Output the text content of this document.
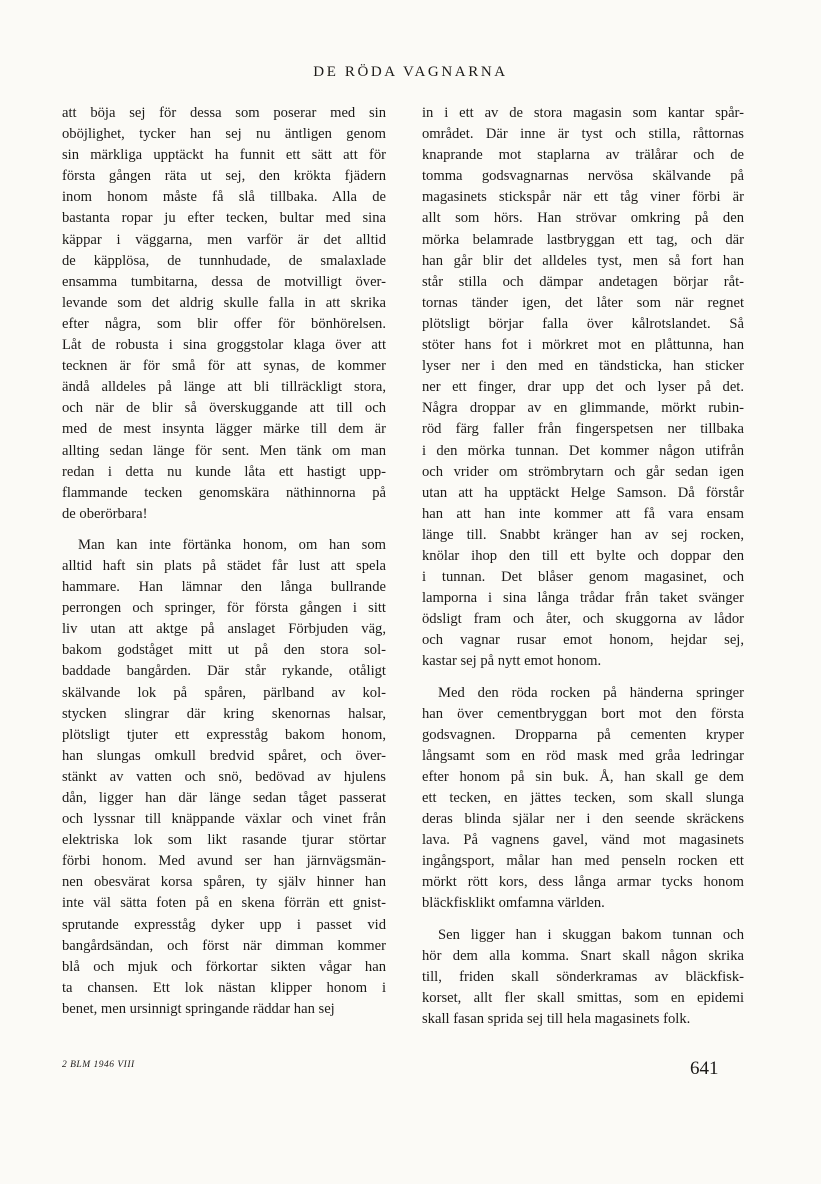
DE RÖDA VAGNARNA
att böja sej för dessa som poserar med sin
oböjlighet, tycker han sej nu äntligen genom
sin märkliga upptäckt ha funnit ett sätt att för
första gången räta ut sej, den krökta fjädern
inom honom måste få slå tillbaka. Alla de
bastanta ropar ju efter tecken, bultar med sina
käppar i väggarna, men varför är det alltid
de käpplösa, de tunnhudade, de smalaxlade
ensamma tumbitarna, dessa de motvilligt över-
levande som det aldrig skulle falla in att skrika
efter några, som blir offer för bönhörelsen.
Låt de robusta i sina groggstolar klaga över att
tecknen är för små för att synas, de kommer
ändå alldeles på länge att bli tillräckligt stora,
och när de blir så överskuggande att till och
med de mest insynta lägger märke till dem är
allting sedan länge för sent. Men tänk om man
redan i detta nu kunde låta ett hastigt upp-
flammande tecken genomskära näthinnorna på
de oberörbara!
Man kan inte förtänka honom, om han som
alltid haft sin plats på städet får lust att spela
hammare. Han lämnar den långa bullrande
perrongen och springer, för första gången i sitt
liv utan att aktge på anslaget Förbjuden väg,
bakom godståget mitt ut på den stora sol-
baddade bangården. Där står rykande, otåligt
skälvande lok på spåren, pärlband av kol-
stycken slingrar där kring skenornas halsar,
plötsligt tjuter ett expresståg bakom honom,
han slungas omkull bredvid spåret, och över-
stänkt av vatten och snö, bedövad av hjulens
dån, ligger han där länge sedan tåget passerat
och lyssnar till knäppande växlar och vinet från
elektriska lok som likt rasande tjurar störtar
förbi honom. Med avund ser han järnvägsmän-
nen obesvärat korsa spåren, ty själv hinner han
inte väl sätta foten på en skena förrän ett gnist-
sprutande expresståg dyker upp i passet vid
bangårdsändan, och först när dimman kommer
blå och mjuk och förkortar sikten vågar han
ta chansen. Ett lok nästan klipper honom i
benet, men ursinnigt springande räddar han sej
in i ett av de stora magasin som kantar spår-
området. Där inne är tyst och stilla, råttornas
knaprande mot staplarna av trälårar och de
tomma godsvagnarnas nervösa skälvande på
magasinets stickspår när ett tåg viner förbi är
allt som hörs. Han strövar omkring på den
mörka belamrade lastbryggan ett tag, och där
han går blir det alldeles tyst, men så fort han
står stilla och dämpar andetagen börjar råt-
tornas tänder igen, det låter som när regnet
plötsligt börjar falla över kålrotslandet. Så
stöter hans fot i mörkret mot en plåttunna, han
lyser ner i den med en tändsticka, han sticker
ner ett finger, drar upp det och lyser på det.
Några droppar av en glimmande, mörkt rubin-
röd färg faller från fingerspetsen ner tillbaka
i den mörka tunnan. Det kommer någon utifrån
och vrider om strömbrytarn och går sedan igen
utan att ha upptäckt Helge Samson. Då förstår
han att han inte kommer att få vara ensam
länge till. Snabbt kränger han av sej rocken,
knölar ihop den till ett bylte och doppar den
i tunnan. Det blåser genom magasinet, och
lamporna i sina långa trådar från taket svänger
ödsligt fram och åter, och skuggorna av lådor
och vagnar rusar emot honom, hejdar sej,
kastar sej på nytt emot honom.
Med den röda rocken på händerna springer
han över cementbryggan bort mot den första
godsvagnen. Dropparna på cementen kryper
långsamt som en röd mask med gråa ledringar
efter honom på sin buk. Å, han skall ge dem
ett tecken, en jättes tecken, som skall slunga
deras blinda själar ner i den seende skräckens
lava. På vagnens gavel, vänd mot magasinets
ingångsport, målar han med penseln rocken ett
mörkt rött kors, dess långa armar tycks honom
bläckfisklikt omfamna världen.
Sen ligger han i skuggan bakom tunnan och
hör dem alla komma. Snart skall någon skrika
till, friden skall sönderkramas av bläckfisk-
korset, allt fler skall smittas, som en epidemi
skall fasan sprida sej till hela magasinets folk.
2 BLM 1946 VIII	641
